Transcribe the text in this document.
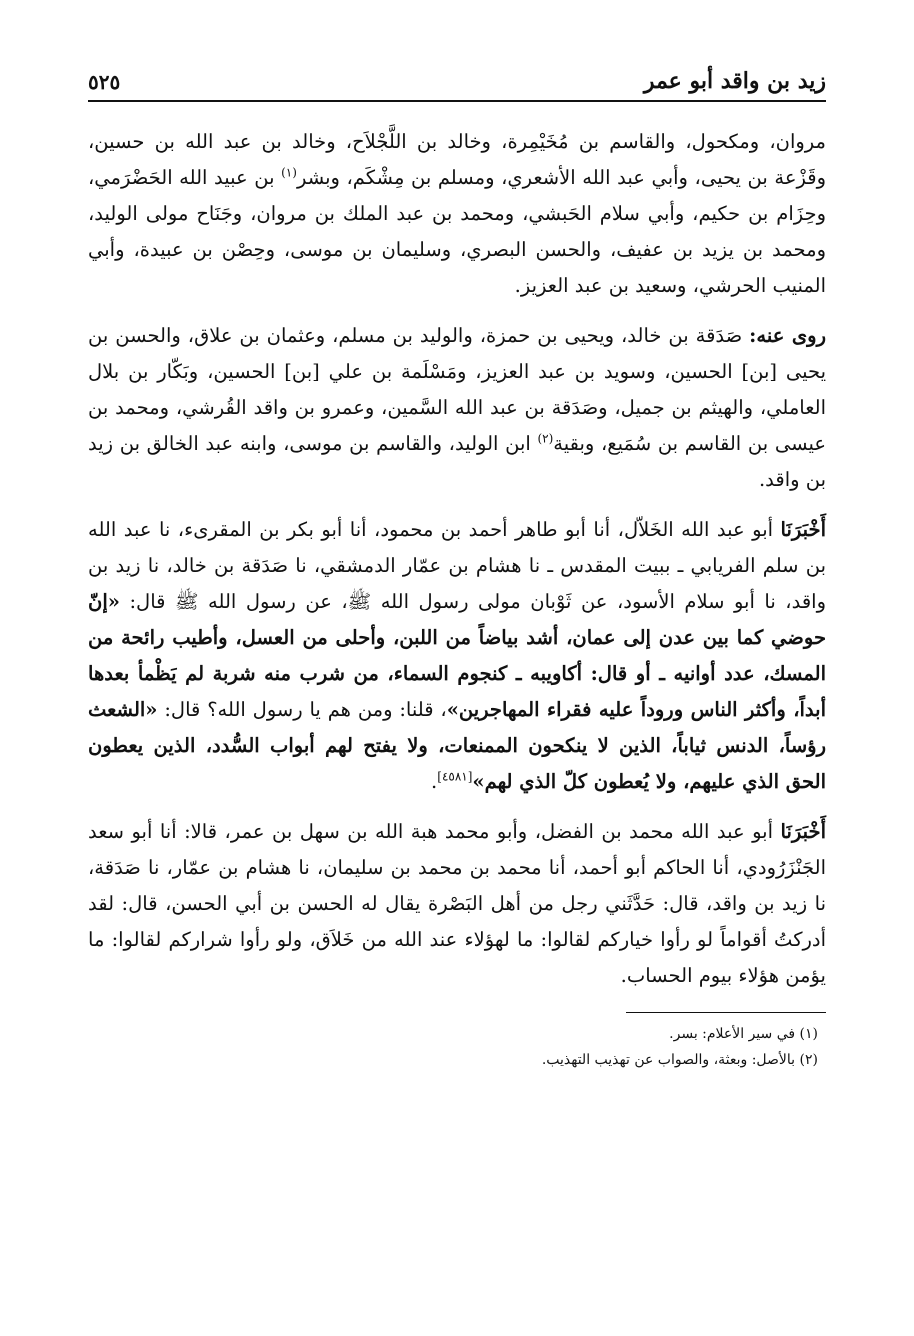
زيد بن واقد أبو عمر
٥٢٥

مروان، ومكحول، والقاسم بن مُخَيْمِرة، وخالد بن اللَّجْلاَح، وخالد بن عبد الله بن حسين، وقَزْعة بن يحيى، وأبي عبد الله الأشعري، ومسلم بن مِشْكَم، وبشر$^{(١)}$ بن عبيد الله الحَضْرَمي، وحِزَام بن حكيم، وأبي سلام الحَبشي، ومحمد بن عبد الملك بن مروان، وجَنَاح مولى الوليد، ومحمد بن يزيد بن عفيف، والحسن البصري، وسليمان بن موسى، وحِصْن بن عبيدة، وأبي المنيب الحرشي، وسعيد بن عبد العزيز.

روى عنه: صَدَقة بن خالد، ويحيى بن حمزة، والوليد بن مسلم، وعثمان بن علاق، والحسن بن يحيى [بن] الحسين، وسويد بن عبد العزيز، ومَسْلَمة بن علي [بن] الحسين، وبَكّار بن بلال العاملي، والهيثم بن جميل، وصَدَقة بن عبد الله السَّمين، وعمرو بن واقد القُرشي، ومحمد بن عيسى بن القاسم بن سُمَيع، وبقية$^{(٢)}$ ابن الوليد، والقاسم بن موسى، وابنه عبد الخالق بن زيد بن واقد.

أَخْبَرَنَا أبو عبد الله الخَلاّل، أنا أبو طاهر أحمد بن محمود، أنا أبو بكر بن المقرىء، نا عبد الله بن سلم الفريابي ـ ببيت المقدس ـ نا هشام بن عمّار الدمشقي، نا صَدَقة بن خالد، نا زيد بن واقد، نا أبو سلام الأسود، عن ثَوْبان مولى رسول الله ﷺ، عن رسول الله ﷺ قال: «إنّ حوضي كما بين عدن إلى عمان، أشد بياضاً من اللبن، وأحلى من العسل، وأطيب رائحة من المسك، عدد أوانيه ـ أو قال: أكاويبه ـ كنجوم السماء، من شرب منه شربة لم يَظْمأ بعدها أبداً، وأكثر الناس وروداً عليه فقراء المهاجرين»، قلنا: ومن هم يا رسول الله؟ قال: «الشعث رؤساً، الدنس ثياباً، الذين لا ينكحون الممنعات، ولا يفتح لهم أبواب السُّدد، الذين يعطون الحق الذي عليهم، ولا يُعطون كلّ الذي لهم»[٤٥٨١].

أَخْبَرَنَا أبو عبد الله محمد بن الفضل، وأبو محمد هبة الله بن سهل بن عمر، قالا: أنا أبو سعد الجَنْزَرُودي، أنا الحاكم أبو أحمد، أنا محمد بن محمد بن سليمان، نا هشام بن عمّار، نا صَدَقة، نا زيد بن واقد، قال: حَدَّثَني رجل من أهل البَصْرة يقال له الحسن بن أبي الحسن، قال: لقد أدركتُ أقواماً لو رأوا خياركم لقالوا: ما لهؤلاء عند الله من خَلاَق، ولو رأوا شراركم لقالوا: ما يؤمن هؤلاء بيوم الحساب.

(١) في سير الأعلام: بسر.
(٢) بالأصل: وبعثة، والصواب عن تهذيب التهذيب.
